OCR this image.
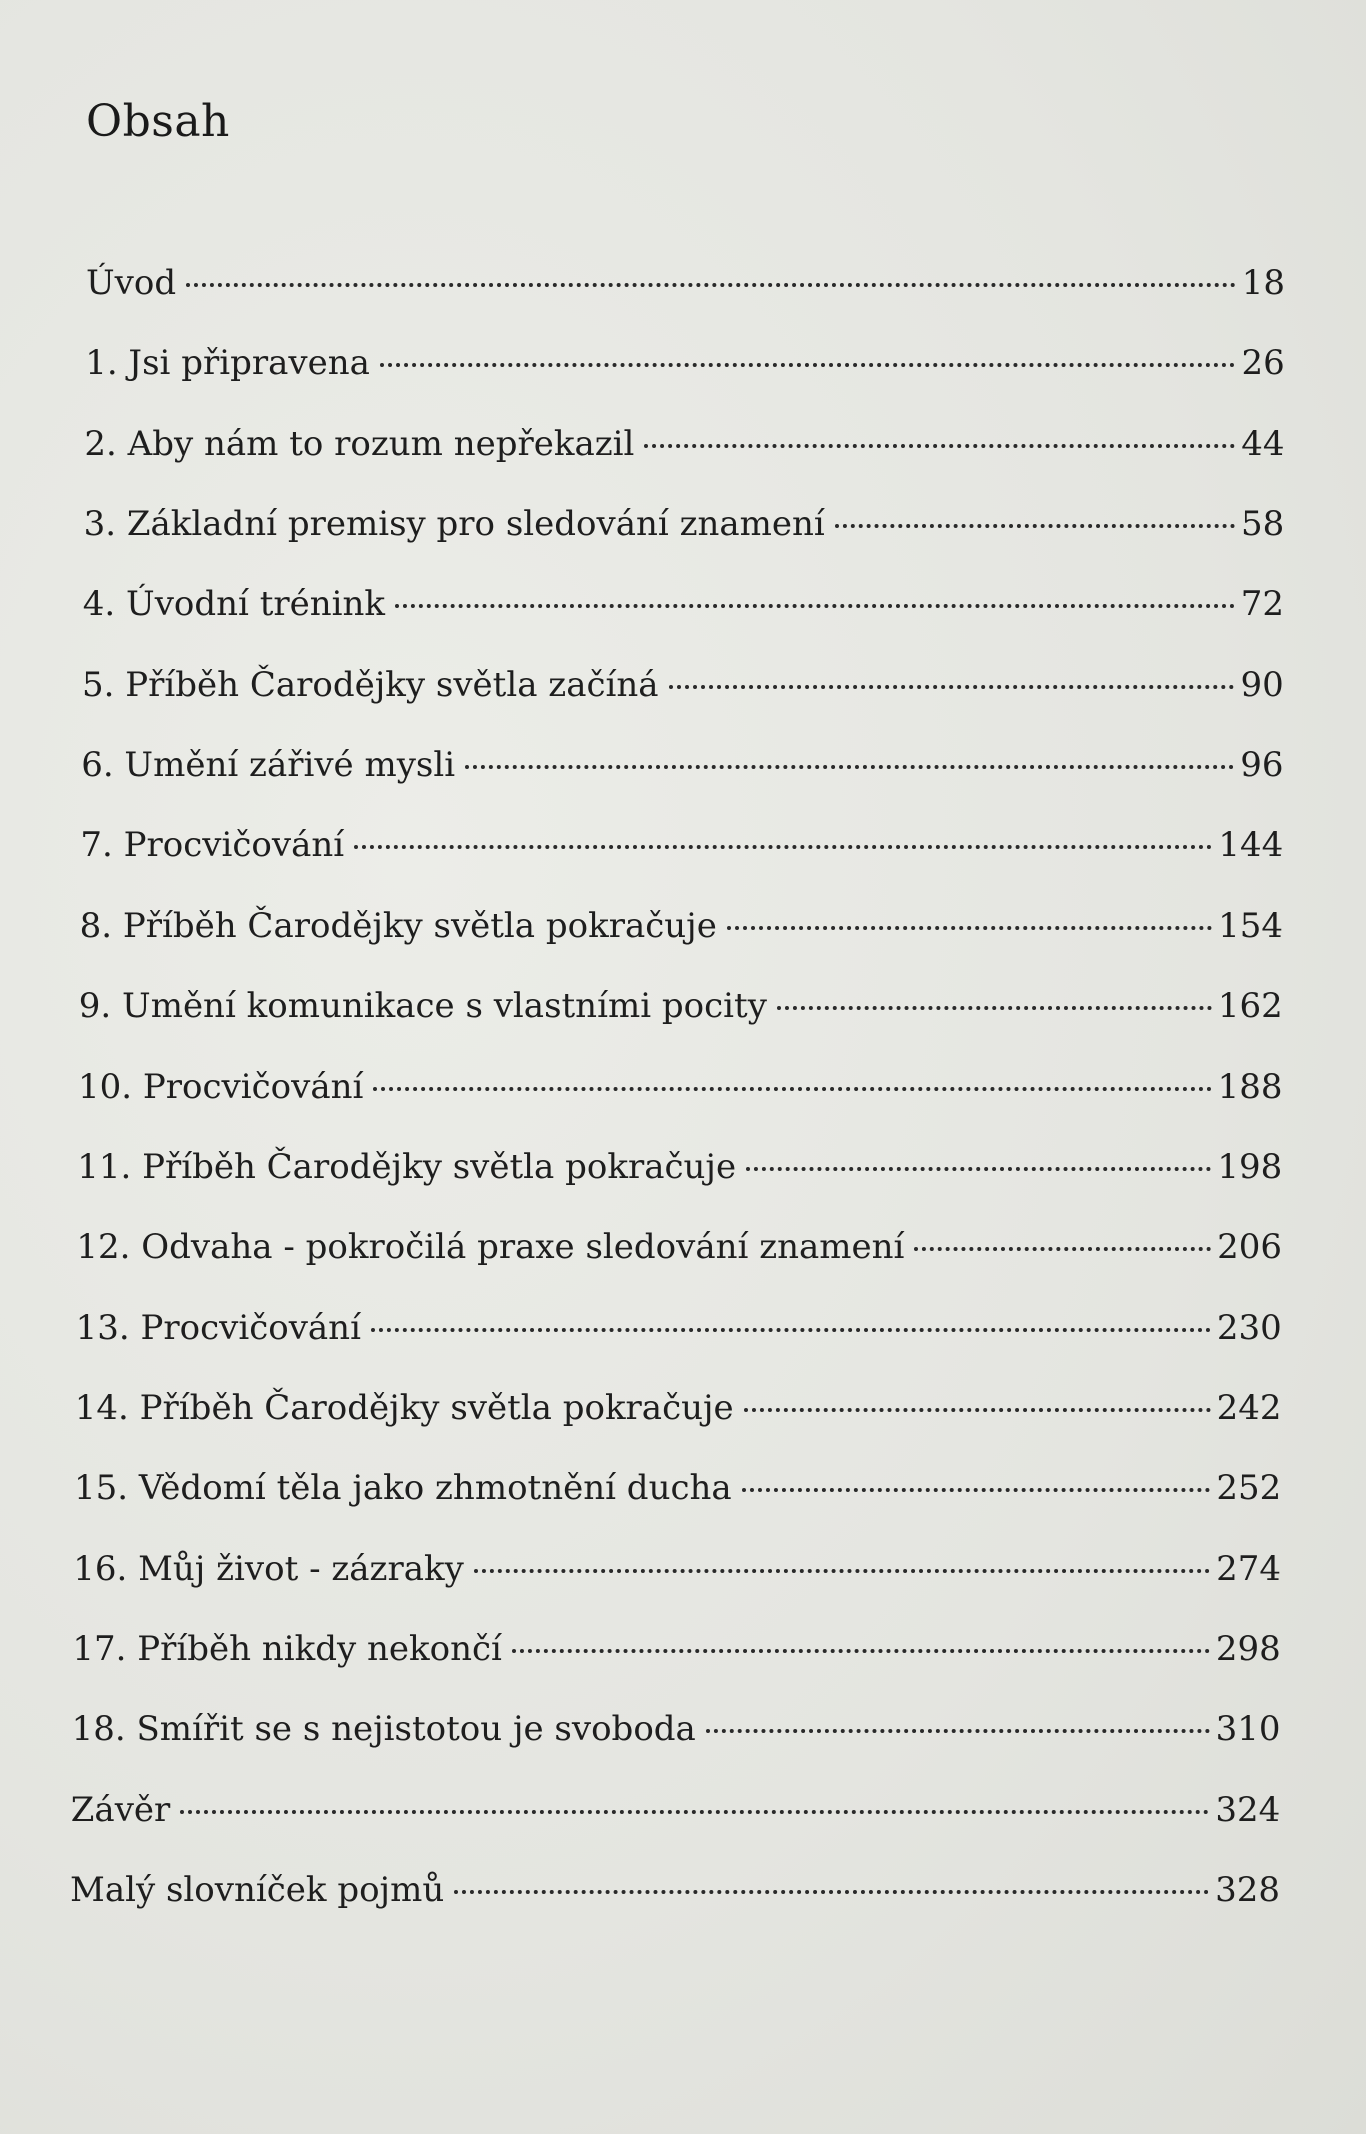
Obsah
Úvod	18
1. Jsi připravena	26
2. Aby nám to rozum nepřekazil	44
3. Základní premisy pro sledování znamení	58
4. Úvodní trénink	72
5. Příběh Čarodějky světla začíná	90
6. Umění zářivé mysli	96
7. Procvičování	144
8. Příběh Čarodějky světla pokračuje	154
9. Umění komunikace s vlastními pocity	162
10. Procvičování	188
11. Příběh Čarodějky světla pokračuje	198
12. Odvaha - pokročilá praxe sledování znamení	206
13. Procvičování	230
14. Příběh Čarodějky světla pokračuje	242
15. Vědomí těla jako zhmotnění ducha	252
16. Můj život - zázraky	274
17. Příběh nikdy nekončí	298
18. Smířit se s nejistotou je svoboda	310
Závěr	324
Malý slovníček pojmů	328
